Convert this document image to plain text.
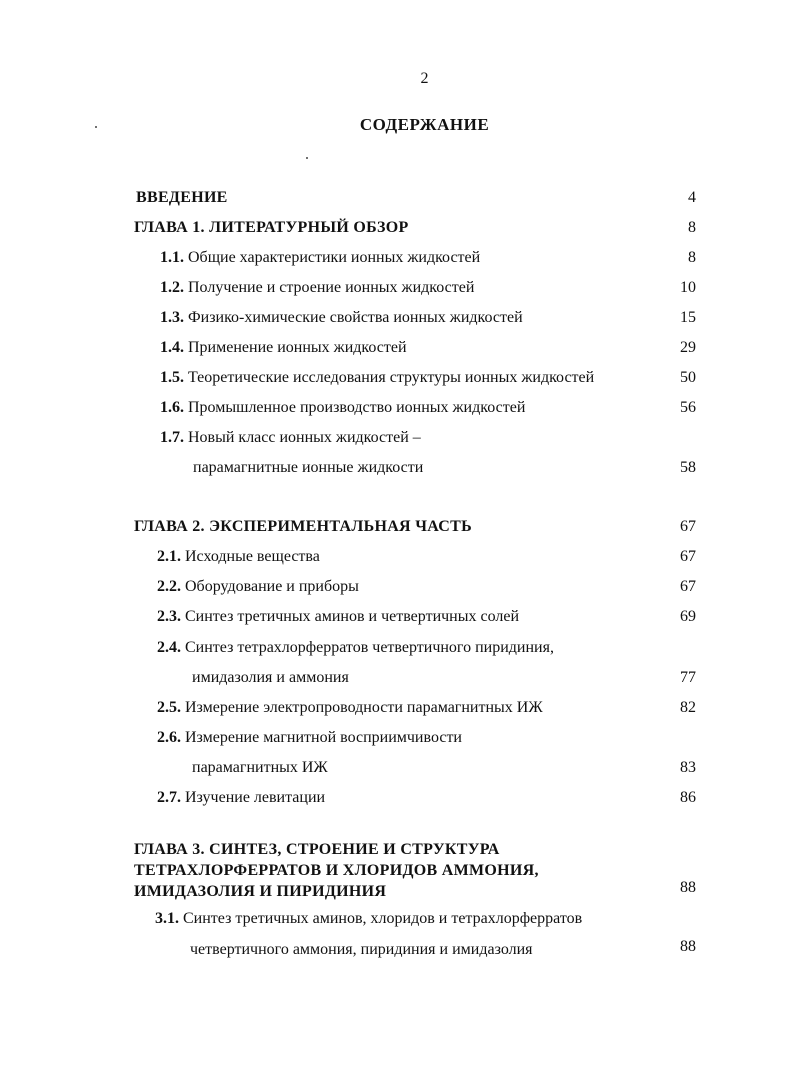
2
СОДЕРЖАНИЕ
ВВЕДЕНИЕ	4
ГЛАВА 1. ЛИТЕРАТУРНЫЙ ОБЗОР	8
1.1. Общие характеристики ионных жидкостей	8
1.2. Получение и строение ионных жидкостей	10
1.3. Физико-химические свойства ионных жидкостей	15
1.4. Применение ионных жидкостей	29
1.5. Теоретические исследования структуры ионных жидкостей	50
1.6. Промышленное производство ионных жидкостей	56
1.7. Новый класс ионных жидкостей –
парамагнитные ионные жидкости	58
ГЛАВА 2. ЭКСПЕРИМЕНТАЛЬНАЯ ЧАСТЬ	67
2.1. Исходные вещества	67
2.2. Оборудование и приборы	67
2.3. Синтез третичных аминов и четвертичных солей	69
2.4. Синтез тетрахлорферратов четвертичного пиридиния,
имидазолия и аммония	77
2.5. Измерение электропроводности парамагнитных ИЖ	82
2.6. Измерение магнитной восприимчивости
парамагнитных ИЖ	83
2.7. Изучение левитации	86
ГЛАВА 3. СИНТЕЗ, СТРОЕНИЕ И СТРУКТУРА
ТЕТРАХЛОРФЕРРАТОВ И ХЛОРИДОВ АММОНИЯ,
ИМИДАЗОЛИЯ И ПИРИДИНИЯ	88
3.1. Синтез третичных аминов, хлоридов и тетрахлорферратов
четвертичного аммония, пиридиния и имидазолия	88
